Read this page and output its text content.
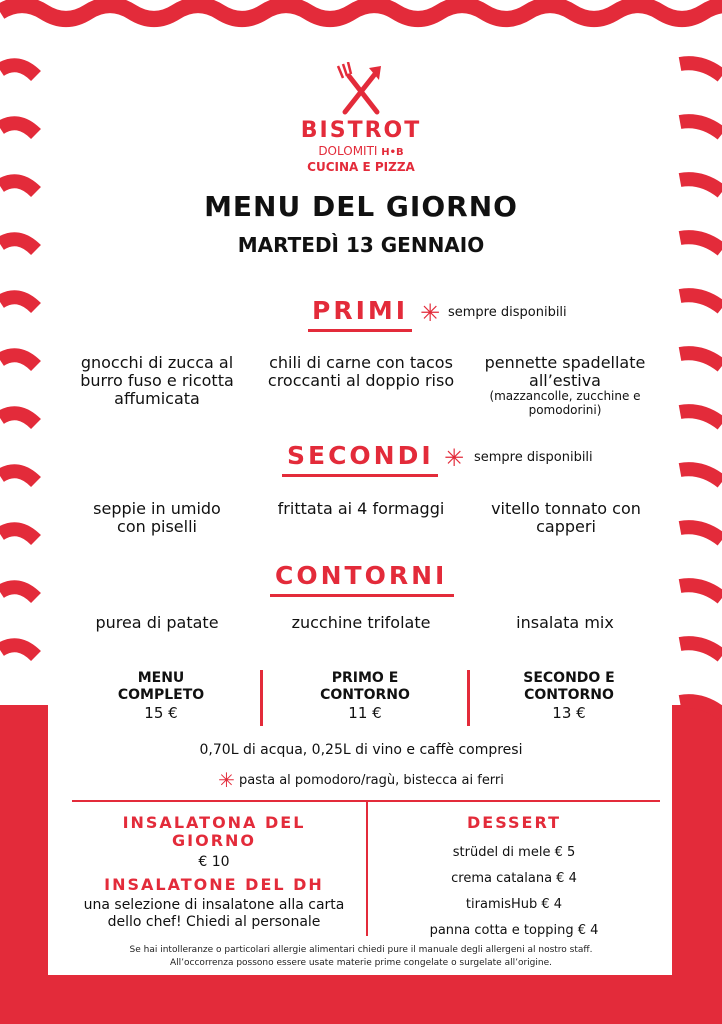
BISTROT
DOLOMITI H•B
CUCINA E PIZZA
MENU DEL GIORNO
MARTEDÌ 13 GENNAIO
PRIMI ✳ sempre disponibili
gnocchi di zucca al burro fuso e ricotta affumicata
chili di carne con tacos croccanti al doppio riso
pennette spadellate all’estiva
(mazzancolle, zucchine e pomodorini)
SECONDI ✳ sempre disponibili
seppie in umido con piselli
frittata ai 4 formaggi	vitello tonnato con capperi
CONTORNI
purea di patate	zucchine trifolate	insalata mix
MENU
COMPLETO
15 €
PRIMO E
CONTORNO
11 €
SECONDO E
CONTORNO
13 €
0,70L di acqua, 0,25L di vino e caffè compresi
✳ pasta al pomodoro/ragù, bistecca ai ferri
INSALATONA DEL
GIORNO
€ 10
INSALATONE DEL DH
una selezione di insalatone alla carta
dello chef! Chiedi al personale
DESSERT
strüdel di mele € 5
crema catalana € 4
tiramisHub € 4
panna cotta e topping € 4
Se hai intolleranze o particolari allergie alimentari chiedi pure il manuale degli allergeni al nostro staff.
All’occorrenza possono essere usate materie prime congelate o surgelate all’origine.
